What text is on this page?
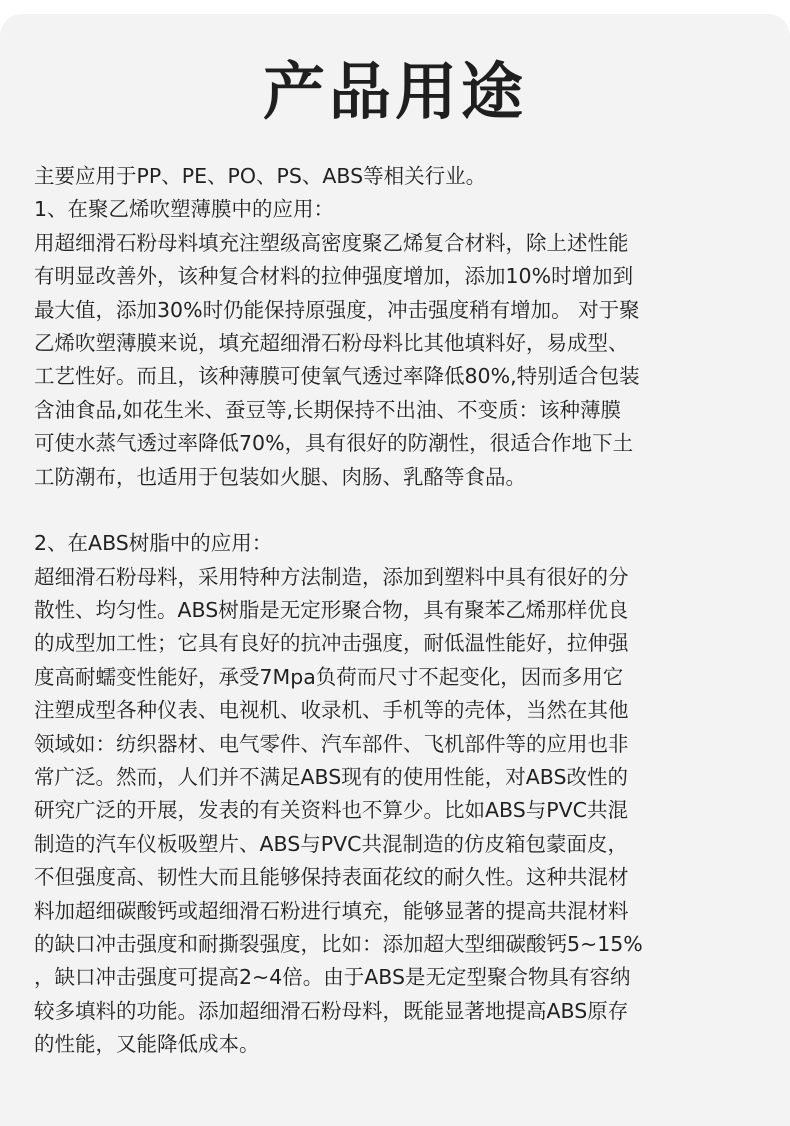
产品用途
主要应用于PP、PE、PO、PS、ABS等相关行业。
1、在聚乙烯吹塑薄膜中的应用：
用超细滑石粉母料填充注塑级高密度聚乙烯复合材料，除上述性能
有明显改善外，该种复合材料的拉伸强度增加，添加10%时增加到
最大值，添加30%时仍能保持原强度，冲击强度稍有增加。 对于聚
乙烯吹塑薄膜来说，填充超细滑石粉母料比其他填料好，易成型、
工艺性好。而且，该种薄膜可使氧气透过率降低80%,特别适合包装
含油食品,如花生米、蚕豆等,长期保持不出油、不变质：该种薄膜
可使水蒸气透过率降低70%，具有很好的防潮性，很适合作地下土
工防潮布，也适用于包装如火腿、肉肠、乳酪等食品。
2、在ABS树脂中的应用：
超细滑石粉母料，采用特种方法制造，添加到塑料中具有很好的分
散性、均匀性。ABS树脂是无定形聚合物，具有聚苯乙烯那样优良
的成型加工性；它具有良好的抗冲击强度，耐低温性能好，拉伸强
度高耐蠕变性能好，承受7Mpa负荷而尺寸不起变化，因而多用它
注塑成型各种仪表、电视机、收录机、手机等的壳体，当然在其他
领域如：纺织器材、电气零件、汽车部件、飞机部件等的应用也非
常广泛。然而，人们并不满足ABS现有的使用性能，对ABS改性的
研究广泛的开展，发表的有关资料也不算少。比如ABS与PVC共混
制造的汽车仪板吸塑片、ABS与PVC共混制造的仿皮箱包蒙面皮，
不但强度高、韧性大而且能够保持表面花纹的耐久性。这种共混材
料加超细碳酸钙或超细滑石粉进行填充，能够显著的提高共混材料
的缺口冲击强度和耐撕裂强度，比如：添加超大型细碳酸钙5~15%
，缺口冲击强度可提高2~4倍。由于ABS是无定型聚合物具有容纳
较多填料的功能。添加超细滑石粉母料，既能显著地提高ABS原存
的性能，又能降低成本。
